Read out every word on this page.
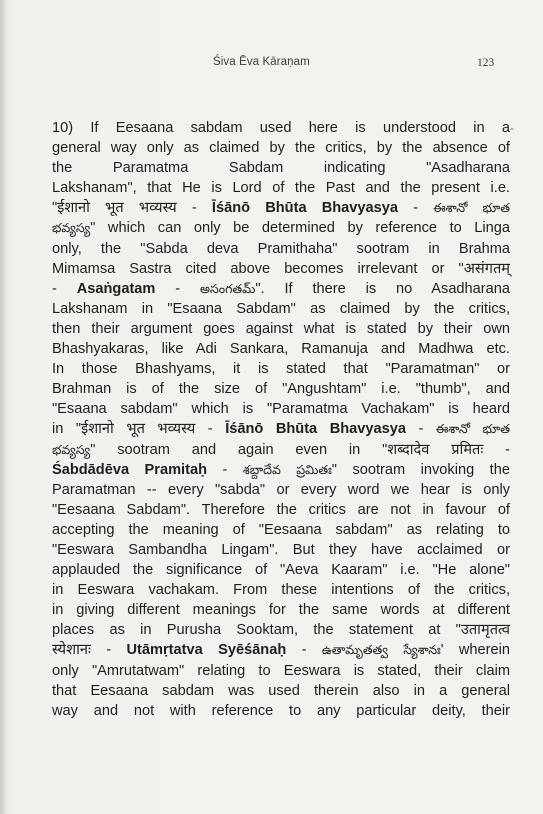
Śiva Ēva Kāraṇam	123
-
10) If Eesaana sabdam used here is understood in a
general way only as claimed by the critics, by the absence of
the Paramatma Sabdam indicating "Asadharana
Lakshanam", that He is Lord of the Past and the present i.e.
"ईशानो भूत भव्यस्य - Īśānō Bhūta Bhavyasya - ఈశానో భూత
భవ్యస్య" which can only be determined by reference to Linga
only, the "Sabda deva Pramithaha" sootram in Brahma
Mimamsa Sastra cited above becomes irrelevant or "असंगतम्
- Asaṅgatam - అసంగతమ్". If there is no Asadharana
Lakshanam in "Esaana Sabdam" as claimed by the critics,
then their argument goes against what is stated by their own
Bhashyakaras, like Adi Sankara, Ramanuja and Madhwa etc.
In those Bhashyams, it is stated that "Paramatman" or
Brahman is of the size of "Angushtam" i.e. "thumb", and
"Esaana sabdam" which is "Paramatma Vachakam" is heard
in "ईशानो भूत भव्यस्य - Īśānō Bhūta Bhavyasya - ఈశానో భూత
భవ్యస్య" sootram and again even in "शब्दादेव प्रमितः -
Śabdādēva Pramitaḥ - శబ్దాదేవ ప్రమితః" sootram invoking the
Paramatman -- every "sabda" or every word we hear is only
"Eesaana Sabdam". Therefore the critics are not in favour of
accepting the meaning of "Eesaana sabdam" as relating to
"Eeswara Sambandha Lingam". But they have acclaimed or
applauded the significance of "Aeva Kaaram" i.e. "He alone"
in Eeswara vachakam. From these intentions of the critics,
in giving different meanings for the same words at different
places as in Purusha Sooktam, the statement at "उतामृतत्व
स्येशानः - Utāmṛtatva Syēśānaḥ - ఉతామృతత్వ స్యేశానః' wherein
only "Amrutatwam" relating to Eeswara is stated, their claim
that Eesaana sabdam was used therein also in a general
way and not with reference to any particular deity, their
